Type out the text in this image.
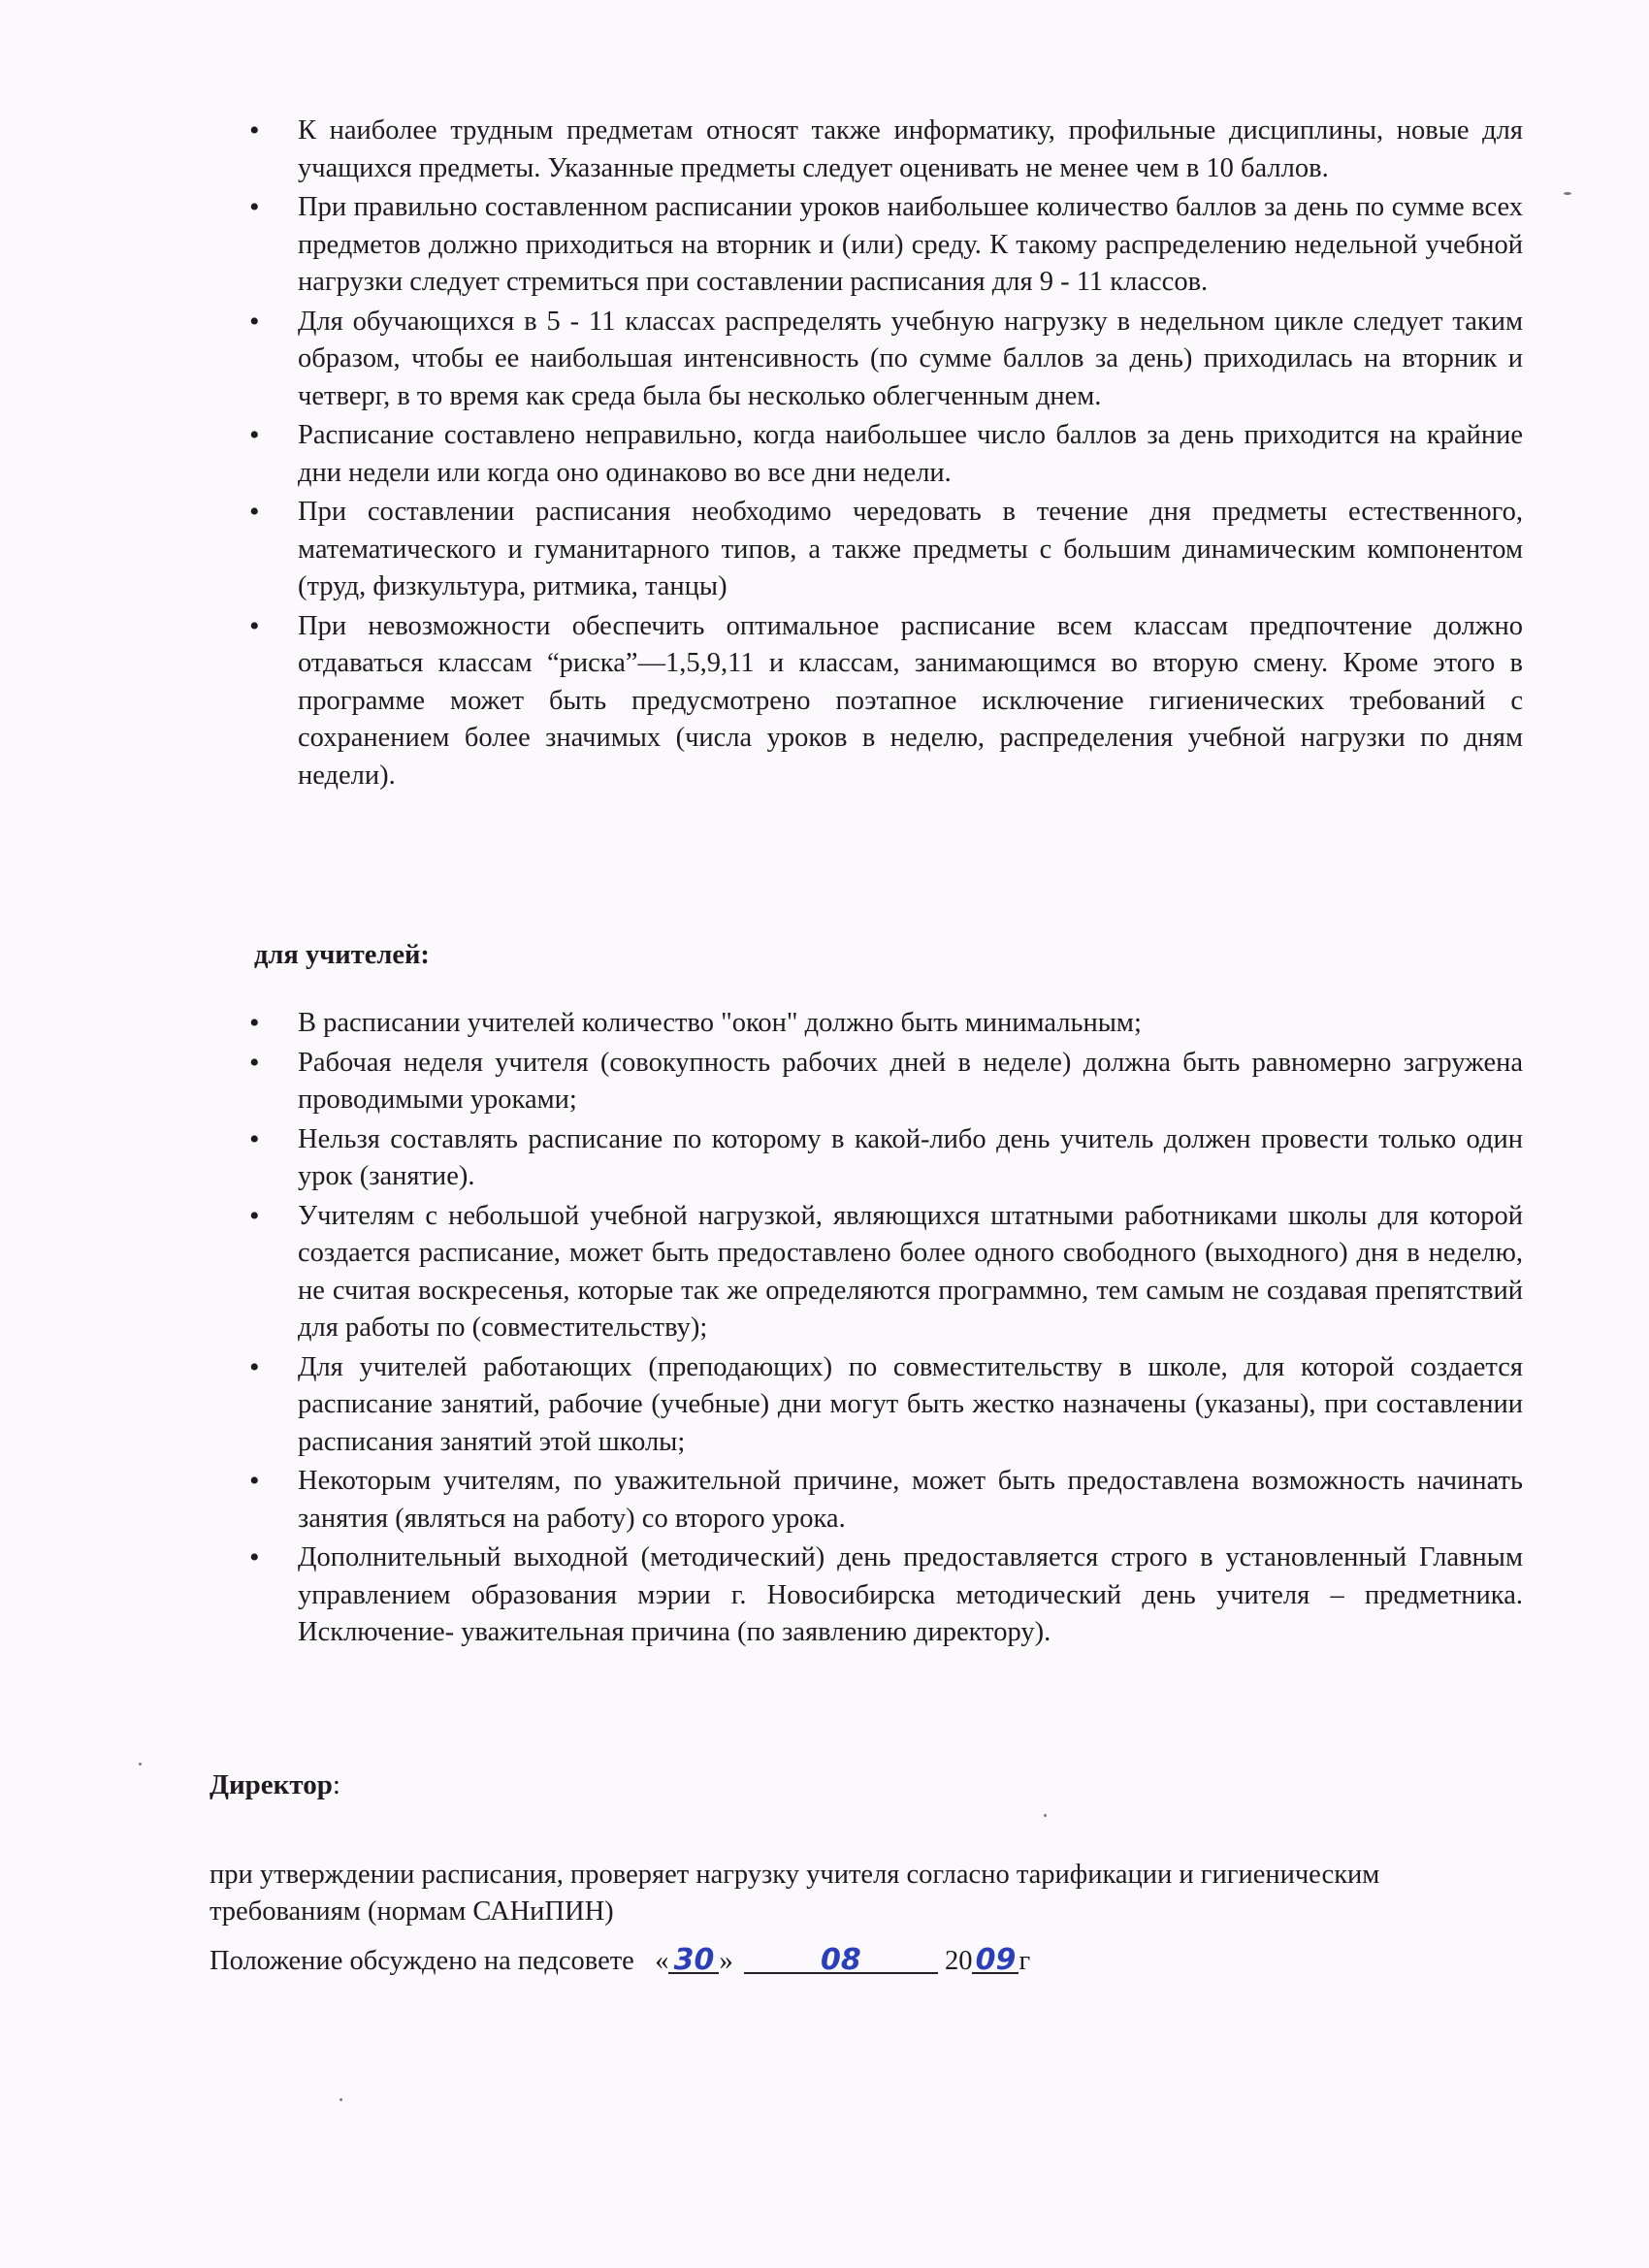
• К наиболее трудным предметам относят также информатику, профильные дисциплины, новые для учащихся предметы. Указанные предметы следует оценивать не менее чем в 10 баллов.
• При правильно составленном расписании уроков наибольшее количество баллов за день по сумме всех предметов должно приходиться на вторник и (или) среду. К такому распределению недельной учебной нагрузки следует стремиться при составлении расписания для 9 - 11 классов.
• Для обучающихся в 5 - 11 классах распределять учебную нагрузку в недельном цикле следует таким образом, чтобы ее наибольшая интенсивность (по сумме баллов за день) приходилась на вторник и четверг, в то время как среда была бы несколько облегченным днем.
• Расписание составлено неправильно, когда наибольшее число баллов за день приходится на крайние дни недели или когда оно одинаково во все дни недели.
• При составлении расписания необходимо чередовать в течение дня предметы естественного, математического и гуманитарного типов, а также предметы с большим динамическим компонентом (труд, физкультура, ритмика, танцы)
• При невозможности обеспечить оптимальное расписание всем классам предпочтение должно отдаваться классам “риска”—1,5,9,11 и классам, занимающимся во вторую смену. Кроме этого в программе может быть предусмотрено поэтапное исключение гигиенических требований с сохранением более значимых (числа уроков в неделю, распределения учебной нагрузки по дням недели).
для учителей:
• В расписании учителей количество "окон" должно быть минимальным;
• Рабочая неделя учителя (совокупность рабочих дней в неделе) должна быть равномерно загружена проводимыми уроками;
• Нельзя составлять расписание по которому в какой-либо день учитель должен провести только один урок (занятие).
• Учителям с небольшой учебной нагрузкой, являющихся штатными работниками школы для которой создается расписание, может быть предоставлено более одного свободного (выходного) дня в неделю, не считая воскресенья, которые так же определяются программно, тем самым не создавая препятствий для работы по (совместительству);
• Для учителей работающих (преподающих) по совместительству в школе, для которой создается расписание занятий, рабочие (учебные) дни могут быть жестко назначены (указаны), при составлении расписания занятий этой школы;
• Некоторым учителям, по уважительной причине, может быть предоставлена возможность начинать занятия (являться на работу) со второго урока.
• Дополнительный выходной (методический) день предоставляется строго в установленный Главным управлением образования мэрии г. Новосибирска методический день учителя – предметника. Исключение- уважительная причина (по заявлению директору).
Директор:
при утверждении расписания, проверяет нагрузку учителя согласно тарификации и гигиеническим требованиям (нормам САНиПИН)
Положение обсуждено на педсовете   « 30 »	08	20 09 г
